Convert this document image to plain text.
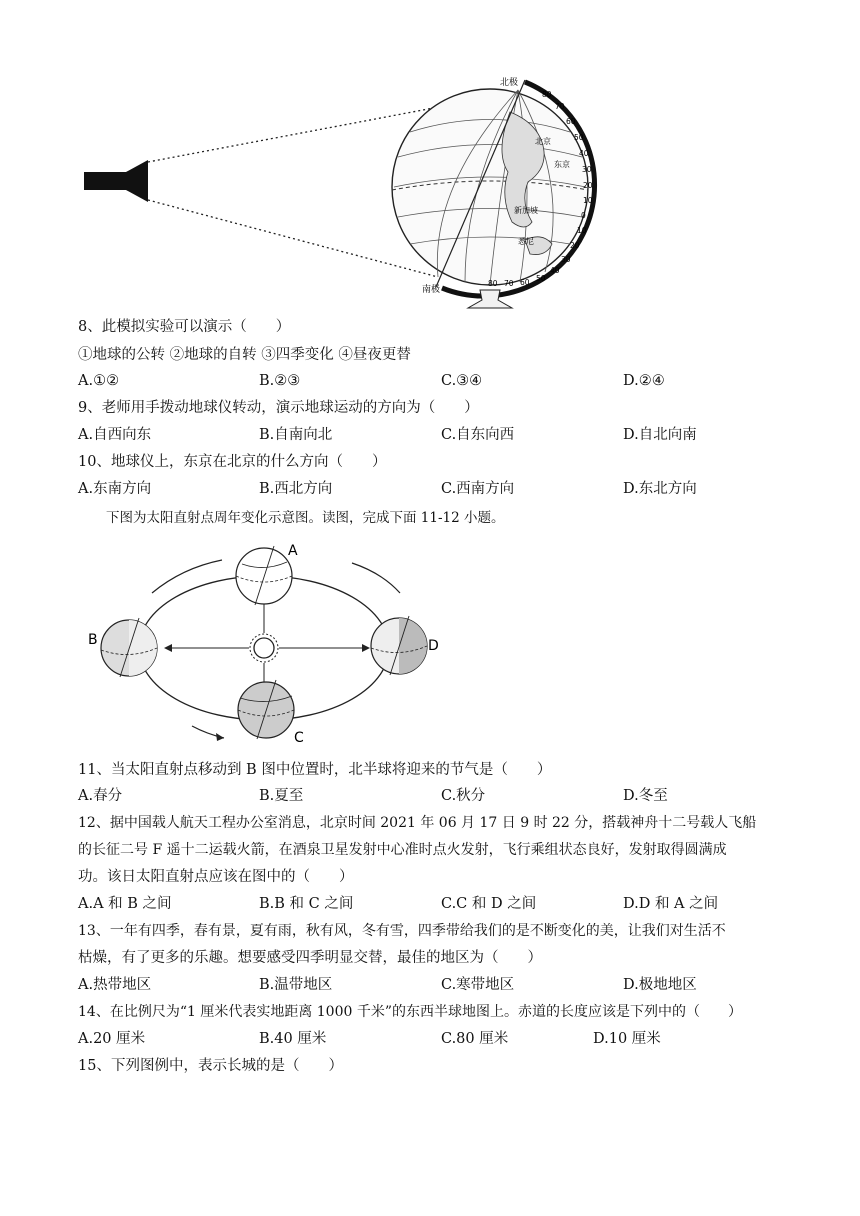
北极
南极
北京
东京
新加坡
悉尼
80
70
60
50
40
30
20
10
0
10
20
30
40
50
60
70
80
8、此模拟实验可以演示（　　）
①地球的公转 ②地球的自转 ③四季变化 ④昼夜更替
A.①②	B.②③	C.③④	D.②④
9、老师用手拨动地球仪转动，演示地球运动的方向为（　　）
A.自西向东	B.自南向北	C.自东向西	D.自北向南
10、地球仪上，东京在北京的什么方向（　　）
A.东南方向	B.西北方向	C.西南方向	D.东北方向
下图为太阳直射点周年变化示意图。读图，完成下面 11-12 小题。
A
B
C
D
11、当太阳直射点移动到 B 图中位置时，北半球将迎来的节气是（　　）
A.春分	B.夏至	C.秋分	D.冬至
12、据中国载人航天工程办公室消息，北京时间 2021 年 06 月 17 日 9 时 22 分，搭载神舟十二号载人飞船
的长征二号 F 遥十二运载火箭，在酒泉卫星发射中心准时点火发射，飞行乘组状态良好，发射取得圆满成
功。该日太阳直射点应该在图中的（　　）
A.A 和 B 之间	B.B 和 C 之间	C.C 和 D 之间	D.D 和 A 之间
13、一年有四季，春有景，夏有雨，秋有风，冬有雪，四季带给我们的是不断变化的美，让我们对生活不
枯燥，有了更多的乐趣。想要感受四季明显交替，最佳的地区为（　　）
A.热带地区	B.温带地区	C.寒带地区	D.极地地区
14、在比例尺为“1 厘米代表实地距离 1000 千米”的东西半球地图上。赤道的长度应该是下列中的（　　）
A.20 厘米	B.40 厘米	C.80 厘米	D.10 厘米
15、下列图例中，表示长城的是（　　）
